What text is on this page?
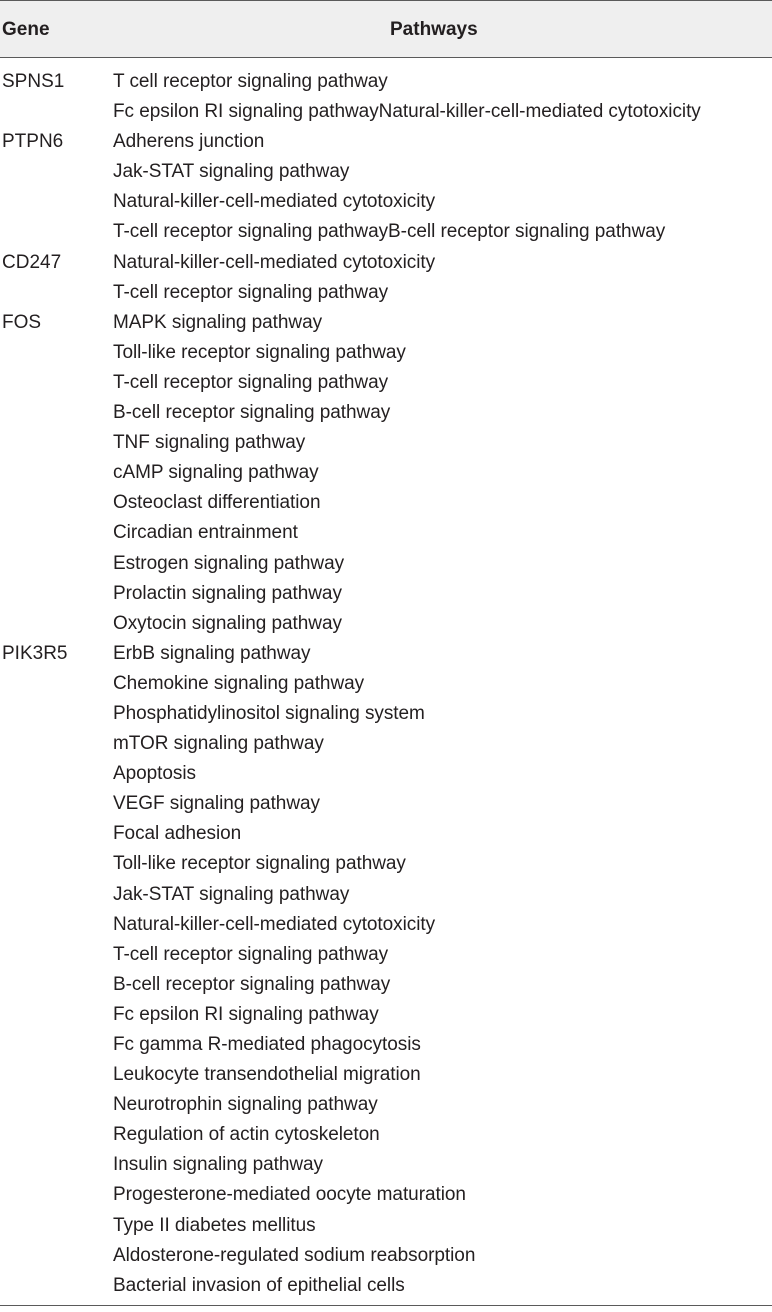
Gene	Pathways
SPNS1	T cell receptor signaling pathway
Fc epsilon RI signaling pathwayNatural-killer-cell-mediated cytotoxicity
PTPN6	Adherens junction
Jak-STAT signaling pathway
Natural-killer-cell-mediated cytotoxicity
T-cell receptor signaling pathwayB-cell receptor signaling pathway
CD247	Natural-killer-cell-mediated cytotoxicity
T-cell receptor signaling pathway
FOS	MAPK signaling pathway
Toll-like receptor signaling pathway
T-cell receptor signaling pathway
B-cell receptor signaling pathway
TNF signaling pathway
cAMP signaling pathway
Osteoclast differentiation
Circadian entrainment
Estrogen signaling pathway
Prolactin signaling pathway
Oxytocin signaling pathway
PIK3R5 ErbB signaling pathway
Chemokine signaling pathway
Phosphatidylinositol signaling system
mTOR signaling pathway
Apoptosis
VEGF signaling pathway
Focal adhesion
Toll-like receptor signaling pathway
Jak-STAT signaling pathway
Natural-killer-cell-mediated cytotoxicity
T-cell receptor signaling pathway
B-cell receptor signaling pathway
Fc epsilon RI signaling pathway
Fc gamma R-mediated phagocytosis
Leukocyte transendothelial migration
Neurotrophin signaling pathway
Regulation of actin cytoskeleton
Insulin signaling pathway
Progesterone-mediated oocyte maturation
Type II diabetes mellitus
Aldosterone-regulated sodium reabsorption
Bacterial invasion of epithelial cells
